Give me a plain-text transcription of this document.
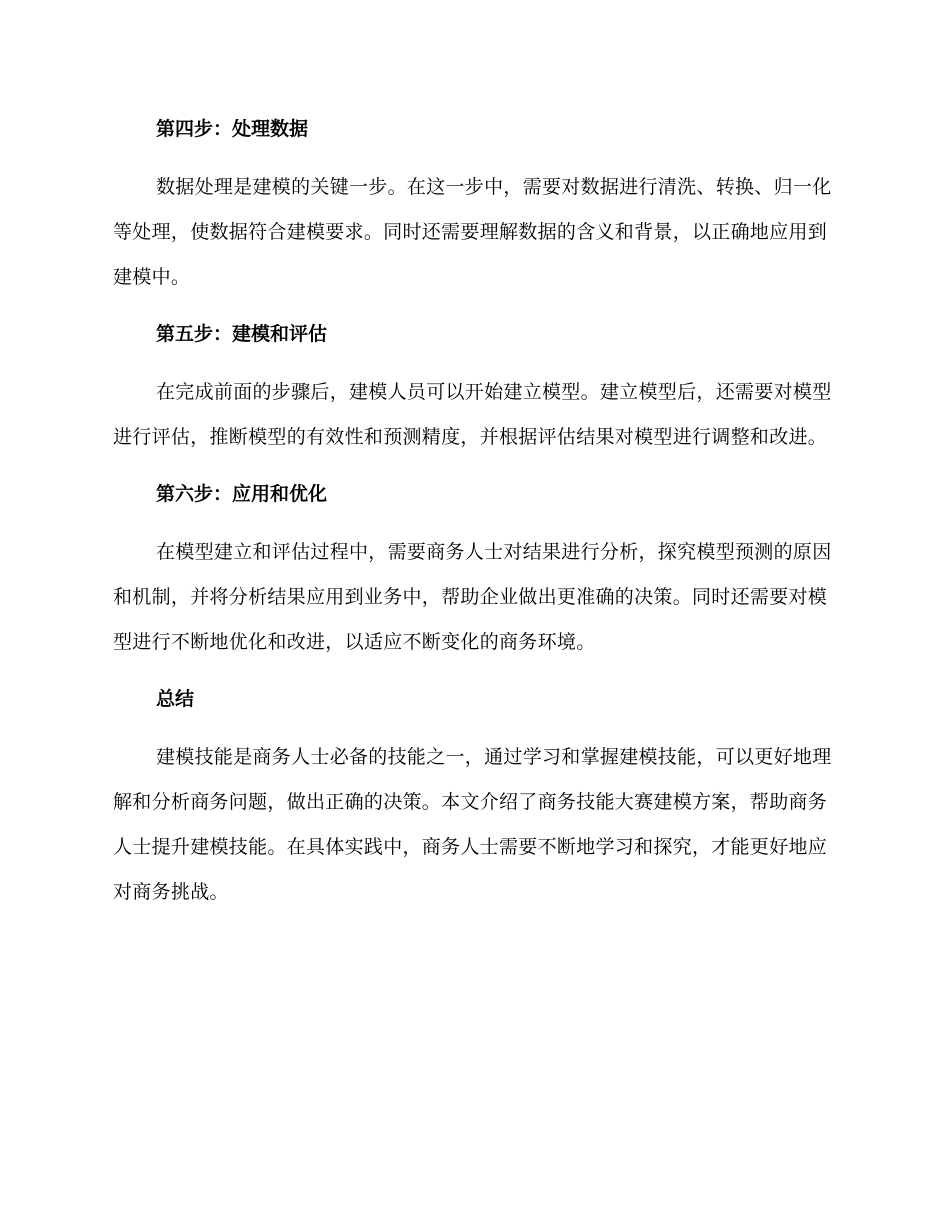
第四步：处理数据

数据处理是建模的关键一步。在这一步中，需要对数据进行清洗、转换、归一化等处理，使数据符合建模要求。同时还需要理解数据的含义和背景，以正确地应用到建模中。

第五步：建模和评估

在完成前面的步骤后，建模人员可以开始建立模型。建立模型后，还需要对模型进行评估，推断模型的有效性和预测精度，并根据评估结果对模型进行调整和改进。

第六步：应用和优化

在模型建立和评估过程中，需要商务人士对结果进行分析，探究模型预测的原因和机制，并将分析结果应用到业务中，帮助企业做出更准确的决策。同时还需要对模型进行不断地优化和改进，以适应不断变化的商务环境。

总结

建模技能是商务人士必备的技能之一，通过学习和掌握建模技能，可以更好地理解和分析商务问题，做出正确的决策。本文介绍了商务技能大赛建模方案，帮助商务人士提升建模技能。在具体实践中，商务人士需要不断地学习和探究，才能更好地应对商务挑战。
